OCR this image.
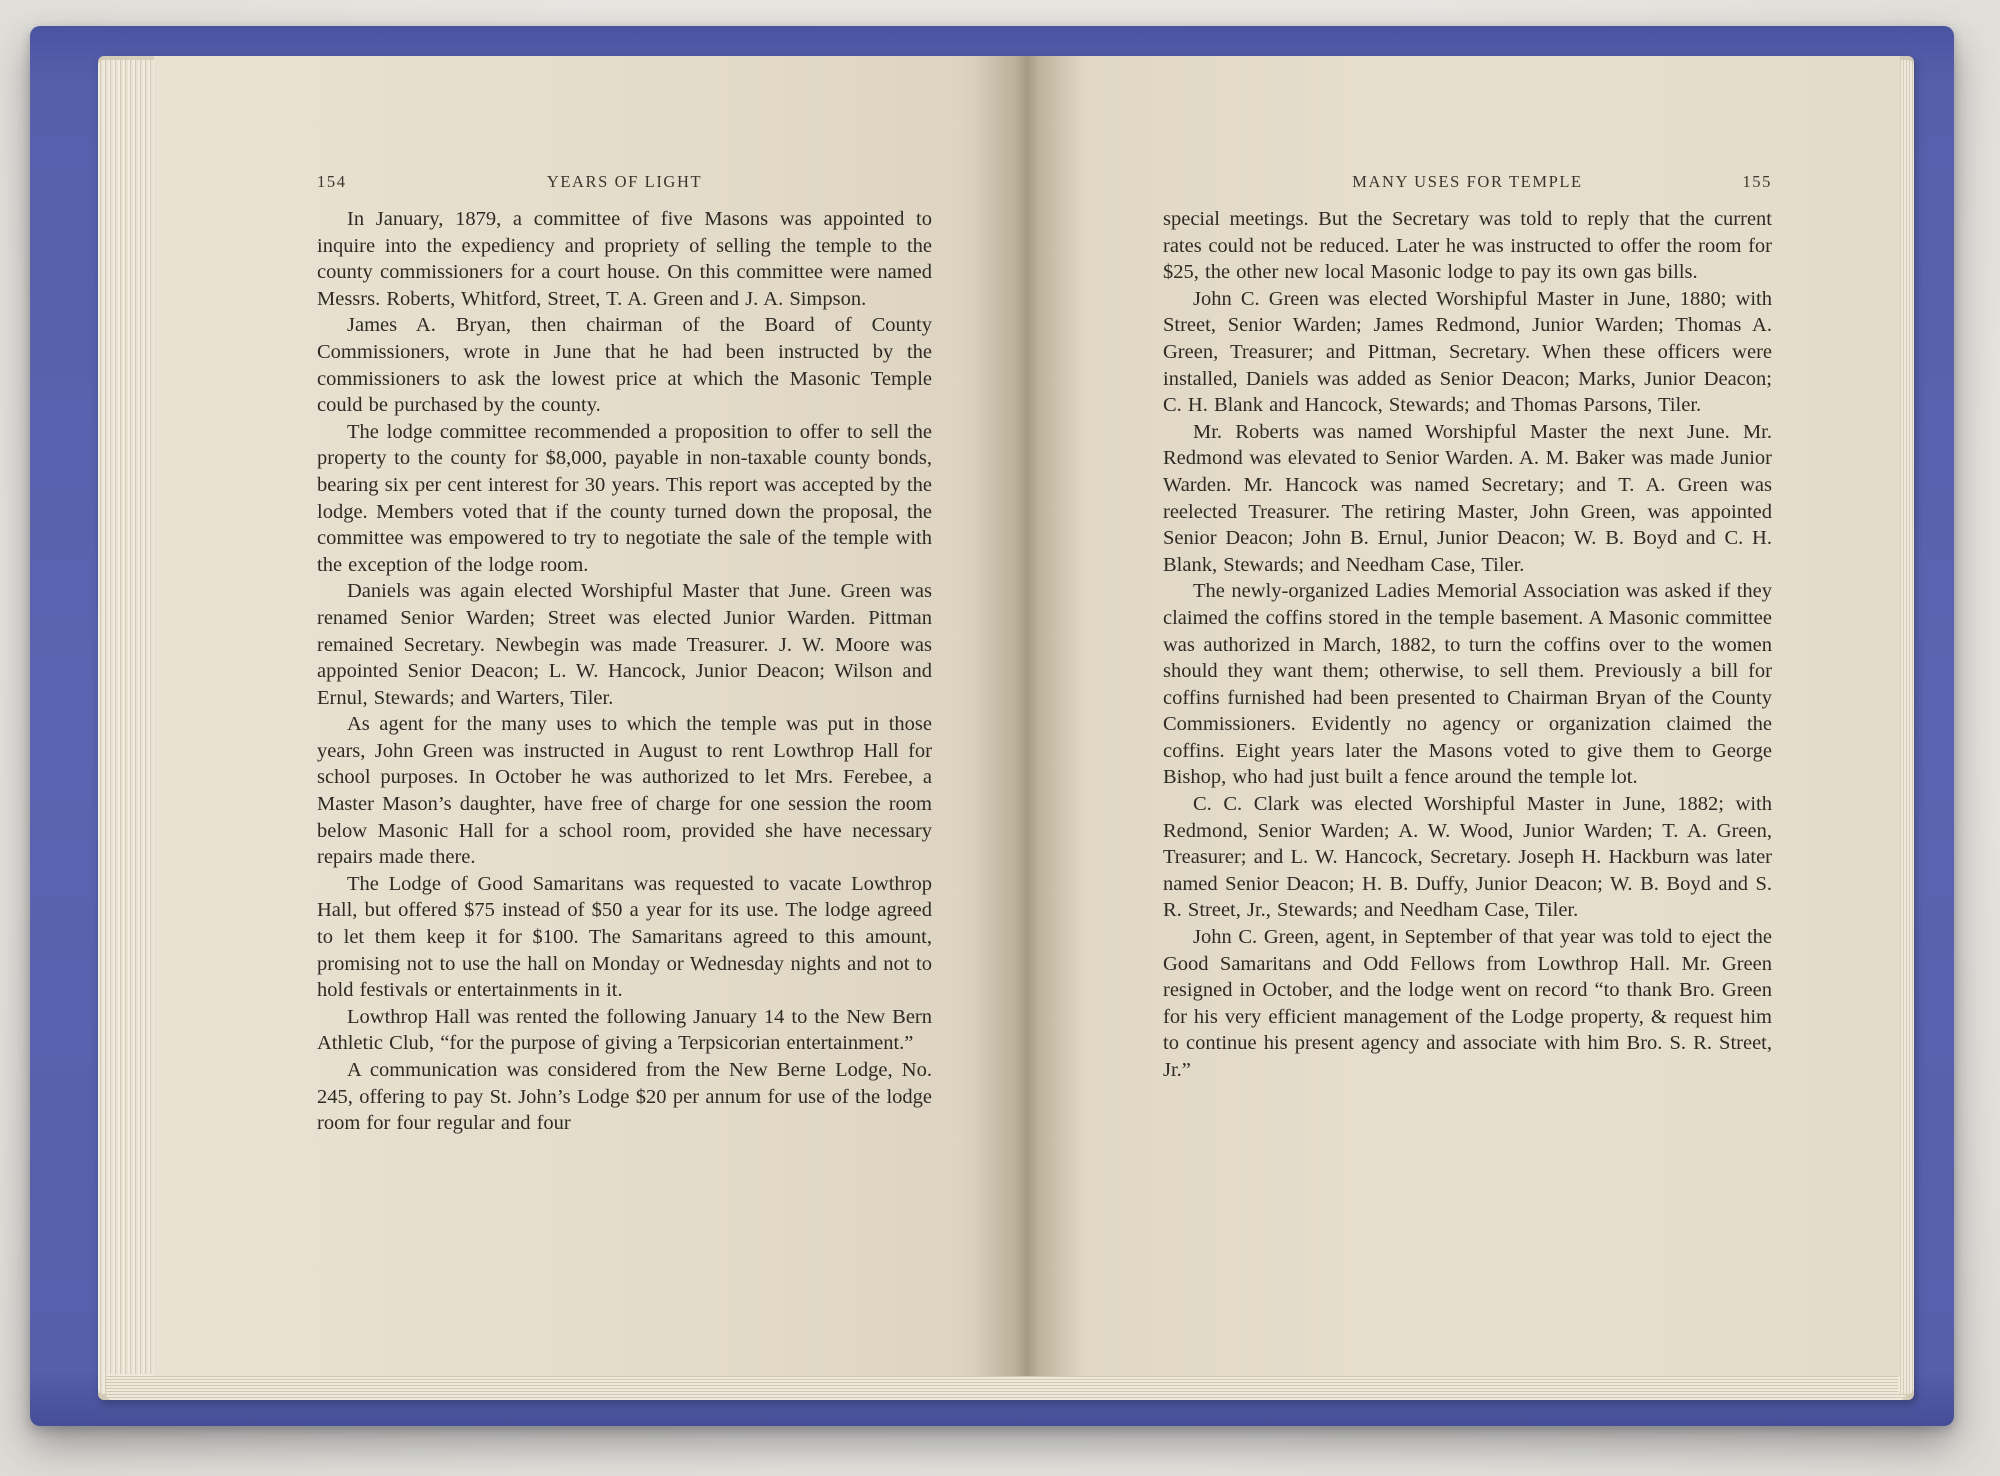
154	YEARS OF LIGHT

In January, 1879, a committee of five Masons was appointed to inquire into the expediency and propriety of selling the temple to the county commissioners for a court house. On this committee were named Messrs. Roberts, Whitford, Street, T. A. Green and J. A. Simpson.

James A. Bryan, then chairman of the Board of County Commissioners, wrote in June that he had been instructed by the commissioners to ask the lowest price at which the Masonic Temple could be purchased by the county.

The lodge committee recommended a proposition to offer to sell the property to the county for $8,000, payable in non-taxable county bonds, bearing six per cent interest for 30 years. This report was accepted by the lodge. Members voted that if the county turned down the proposal, the committee was empowered to try to negotiate the sale of the temple with the exception of the lodge room.

Daniels was again elected Worshipful Master that June. Green was renamed Senior Warden; Street was elected Junior Warden. Pittman remained Secretary. Newbegin was made Treasurer. J. W. Moore was appointed Senior Deacon; L. W. Hancock, Junior Deacon; Wilson and Ernul, Stewards; and Warters, Tiler.

As agent for the many uses to which the temple was put in those years, John Green was instructed in August to rent Lowthrop Hall for school purposes. In October he was authorized to let Mrs. Ferebee, a Master Mason’s daughter, have free of charge for one session the room below Masonic Hall for a school room, provided she have necessary repairs made there.

The Lodge of Good Samaritans was requested to vacate Lowthrop Hall, but offered $75 instead of $50 a year for its use. The lodge agreed to let them keep it for $100. The Samaritans agreed to this amount, promising not to use the hall on Monday or Wednesday nights and not to hold festivals or entertainments in it.

Lowthrop Hall was rented the following January 14 to the New Bern Athletic Club, “for the purpose of giving a Terpsicorian entertainment.”

A communication was considered from the New Berne Lodge, No. 245, offering to pay St. John’s Lodge $20 per annum for use of the lodge room for four regular and four

MANY USES FOR TEMPLE	155

special meetings. But the Secretary was told to reply that the current rates could not be reduced. Later he was instructed to offer the room for $25, the other new local Masonic lodge to pay its own gas bills.

John C. Green was elected Worshipful Master in June, 1880; with Street, Senior Warden; James Redmond, Junior Warden; Thomas A. Green, Treasurer; and Pittman, Secretary. When these officers were installed, Daniels was added as Senior Deacon; Marks, Junior Deacon; C. H. Blank and Hancock, Stewards; and Thomas Parsons, Tiler.

Mr. Roberts was named Worshipful Master the next June. Mr. Redmond was elevated to Senior Warden. A. M. Baker was made Junior Warden. Mr. Hancock was named Secretary; and T. A. Green was reelected Treasurer. The retiring Master, John Green, was appointed Senior Deacon; John B. Ernul, Junior Deacon; W. B. Boyd and C. H. Blank, Stewards; and Needham Case, Tiler.

The newly-organized Ladies Memorial Association was asked if they claimed the coffins stored in the temple basement. A Masonic committee was authorized in March, 1882, to turn the coffins over to the women should they want them; otherwise, to sell them. Previously a bill for coffins furnished had been presented to Chairman Bryan of the County Commissioners. Evidently no agency or organization claimed the coffins. Eight years later the Masons voted to give them to George Bishop, who had just built a fence around the temple lot.

C. C. Clark was elected Worshipful Master in June, 1882; with Redmond, Senior Warden; A. W. Wood, Junior Warden; T. A. Green, Treasurer; and L. W. Hancock, Secretary. Joseph H. Hackburn was later named Senior Deacon; H. B. Duffy, Junior Deacon; W. B. Boyd and S. R. Street, Jr., Stewards; and Needham Case, Tiler.

John C. Green, agent, in September of that year was told to eject the Good Samaritans and Odd Fellows from Lowthrop Hall. Mr. Green resigned in October, and the lodge went on record “to thank Bro. Green for his very efficient management of the Lodge property, & request him to continue his present agency and associate with him Bro. S. R. Street, Jr.”
